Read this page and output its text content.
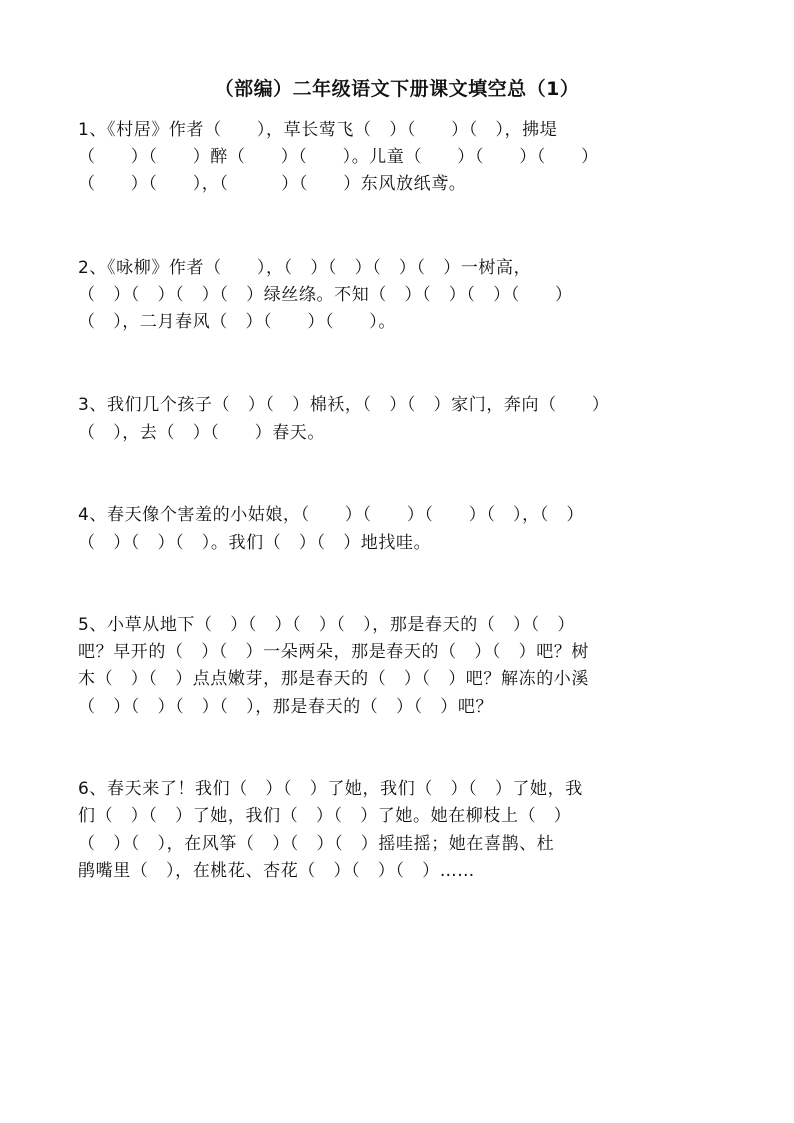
（部编）二年级语文下册课文填空总（1）

1、《村居》作者（　　），草长莺飞（　）（　　）（　），拂堤

（　　）（　　）醉（　　）（　　）。儿童（　　）（　　）（　　）

（　　）（　　），（　　　）（　　）东风放纸鸢。

2、《咏柳》作者（　　），（　）（　）（　）（　）一树高，

（　）（　）（　）（　）绿丝绦。不知（　）（　）（　）（　　）

（　），二月春风（　）（　　）（　　）。

3、我们几个孩子（　）（　）棉袄，（　）（　）家门，奔向（　　）

（　），去（　）（　　）春天。

4、春天像个害羞的小姑娘，（　　）（　　）（　　）（　），（　）

（　）（　）（　）。我们（　）（　）地找哇。

5、小草从地下（　）（　）（　）（　），那是春天的（　）（　）

吧？早开的（　）（　）一朵两朵，那是春天的（　）（　）吧？树

木（　）（　）点点嫩芽，那是春天的（　）（　）吧？解冻的小溪

（　）（　）（　）（　），那是春天的（　）（　）吧？

6、春天来了！我们（　）（　）了她，我们（　）（　）了她，我

们（　）（　）了她，我们（　）（　）了她。她在柳枝上（　）

（　）（　），在风筝（　）（　）（　）摇哇摇；她在喜鹊、杜

鹃嘴里（　），在桃花、杏花（　）（　）（　）……
